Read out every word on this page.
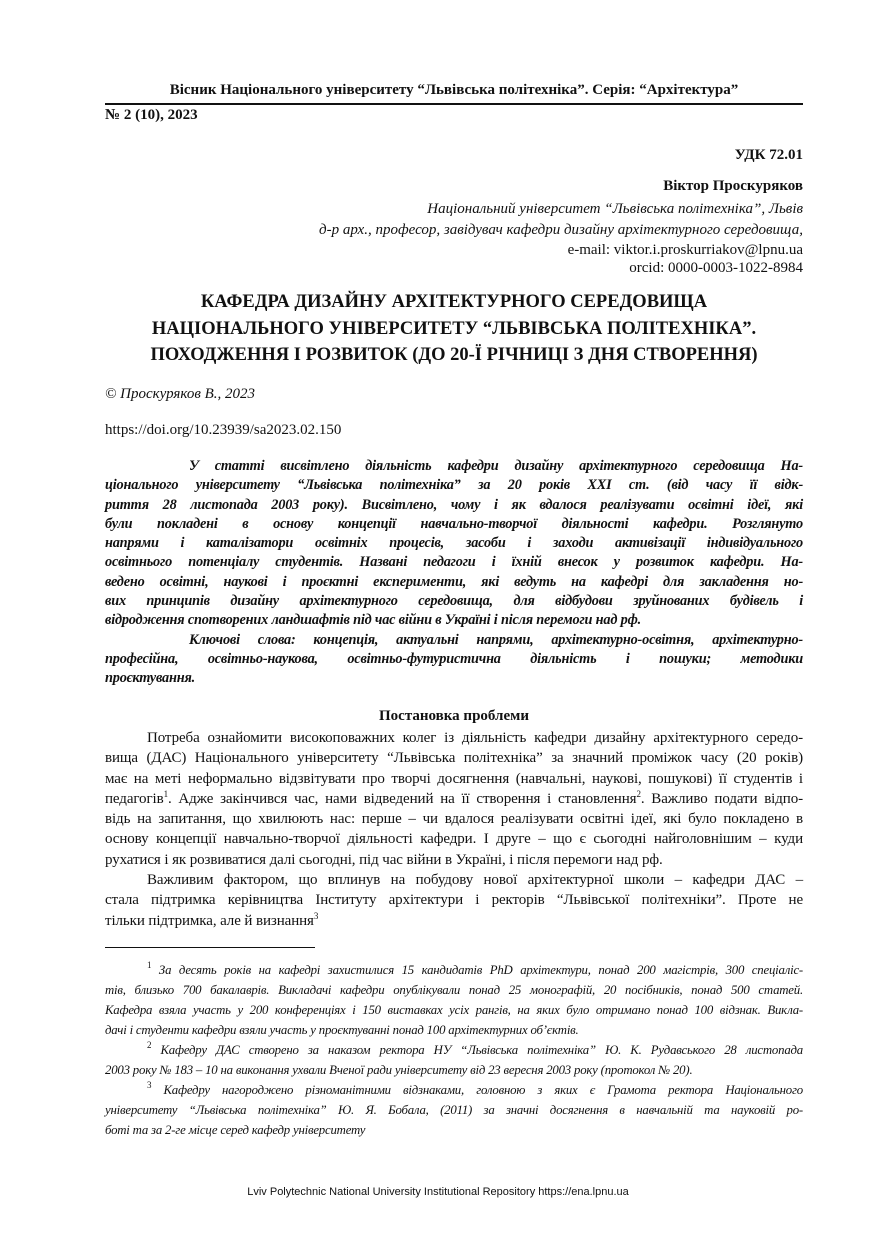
Вісник Національного університету “Львівська політехніка”. Серія: “Архітектура”
№ 2 (10), 2023
УДК 72.01
Віктор Проскуряков
Національний університет “Львівська політехніка”, Львів
д-р арх., професор, завідувач кафедри дизайну архітектурного середовища,
e-mail: viktor.i.proskurriakov@lpnu.ua
orcid: 0000-0003-1022-8984
КАФЕДРА ДИЗАЙНУ АРХІТЕКТУРНОГО СЕРЕДОВИЩА
НАЦІОНАЛЬНОГО УНІВЕРСИТЕТУ “ЛЬВІВСЬКА ПОЛІТЕХНІКА”.
ПОХОДЖЕННЯ І РОЗВИТОК (ДО 20-Ї РІЧНИЦІ З ДНЯ СТВОРЕННЯ)
© Проскуряков В., 2023
https://doi.org/10.23939/sa2023.02.150
У статті висвітлено діяльність кафедри дизайну архітектурного середовища На-
ціонального університету “Львівська політехніка” за 20 років XXI ст. (від часу її відк-
риття 28 листопада 2003 року). Висвітлено, чому і як вдалося реалізувати освітні ідеї, які
були покладені в основу концепції навчально-творчої діяльності кафедри. Розглянуто
напрями і каталізатори освітніх процесів, засоби і заходи активізації індивідуального
освітнього потенціалу студентів. Названі педагоги і їхній внесок у розвиток кафедри. На-
ведено освітні, наукові і проєктні експерименти, які ведуть на кафедрі для закладення но-
вих принципів дизайну архітектурного середовища, для відбудови зруйнованих будівель і
відродження спотворених ландшафтів під час війни в Україні і після перемоги над рф.
Ключові слова: концепція, актуальні напрями, архітектурно-освітня, архітектурно-
професійна, освітньо-наукова, освітньо-футуристична діяльність і пошуки; методики
проєктування.
Постановка проблеми
Потреба ознайомити високоповажних колег із діяльність кафедри дизайну архітектурного середо-
вища (ДАС) Національного університету “Львівська політехніка” за значний проміжок часу (20 років)
має на меті неформально відзвітувати про творчі досягнення (навчальні, наукові, пошукові) її студентів і
педагогів$^1$. Адже закінчився час, нами відведений на її створення і становлення$^2$. Важливо подати відпо-
відь на запитання, що хвилюють нас: перше – чи вдалося реалізувати освітні ідеї, які було покладено в
основу концепції навчально-творчої діяльності кафедри. І друге – що є сьогодні найголовнішим – куди
рухатися і як розвиватися далі сьогодні, під час війни в Україні, і після перемоги над рф.
Важливим фактором, що вплинув на побудову нової архітектурної школи – кафедри ДАС –
стала підтримка керівництва Інституту архітектури і ректорів “Львівської політехніки”. Проте не
тільки підтримка, але й визнання$^3$
$^1$ За десять років на кафедрі захистилися 15 кандидатів PhD архітектури, понад 200 магістрів, 300 спеціаліс-
тів, близько 700 бакалаврів. Викладачі кафедри опублікували понад 25 монографій, 20 посібників, понад 500 статей.
Кафедра взяла участь у 200 конференціях і 150 виставках усіх рангів, на яких було отримано понад 100 відзнак. Викла-
дачі і студенти кафедри взяли участь у проєктуванні понад 100 архітектурних об’єктів.
$^2$ Кафедру ДАС створено за наказом ректора НУ “Львівська політехніка” Ю. К. Рудавського 28 листопада
2003 року № 183 – 10 на виконання ухвали Вченої ради університету від 23 вересня 2003 року (протокол № 20).
$^3$ Кафедру нагороджено різноманітними відзнаками, головною з яких є Грамота ректора Національного
університету “Львівська політехніка” Ю. Я. Бобала, (2011) за значні досягнення в навчальній та науковій ро-
боті та за 2-ге місце серед кафедр університету
Lviv Polytechnic National University Institutional Repository https://ena.lpnu.ua
